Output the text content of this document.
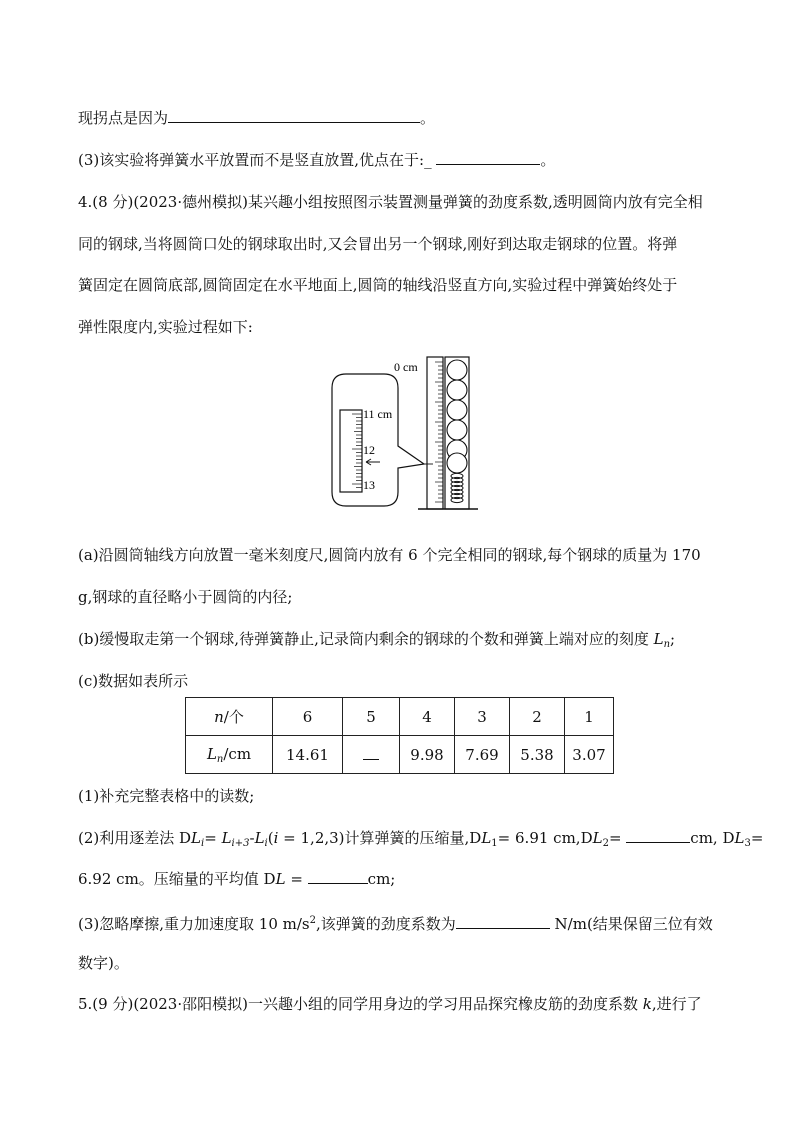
现拐点是因为	。
(3)该实验将弹簧水平放置而不是竖直放置,优点在于:_	。
4.(8 分)(2023·德州模拟)某兴趣小组按照图示装置测量弹簧的劲度系数,透明圆筒内放有完全相
同的钢球,当将圆筒口处的钢球取出时,又会冒出另一个钢球,刚好到达取走钢球的位置。将弹
簧固定在圆筒底部,圆筒固定在水平地面上,圆筒的轴线沿竖直方向,实验过程中弹簧始终处于
弹性限度内,实验过程如下:
0 cm
11 cm
12
13
(a)沿圆筒轴线方向放置一毫米刻度尺,圆筒内放有 6 个完全相同的钢球,每个钢球的质量为 170
g,钢球的直径略小于圆筒的内径;
(b)缓慢取走第一个钢球,待弹簧静止,记录筒内剩余的钢球的个数和弹簧上端对应的刻度 $L_n$;
(c)数据如表所示
n/个	6	5	4	3	2	1
$L_n/cm$	14.61		9.98	7.69	5.38	3.07
(1)补充完整表格中的读数;
(2)利用逐差法 $DL_i= L_{i+3}-L_i(i = 1,2,3)$计算弹簧的压缩量$,DL_1= 6.91$ $cm,DL_2=$	cm, $DL_3=$
6.92 cm。压缩量的平均值 DL =	cm;
(3)忽略摩擦,重力加速度取 10 $m/s^2$,该弹簧的劲度系数为	N/m(结果保留三位有效
数字)。
5.(9 分)(2023·邵阳模拟)一兴趣小组的同学用身边的学习用品探究橡皮筋的劲度系数 k,进行了
